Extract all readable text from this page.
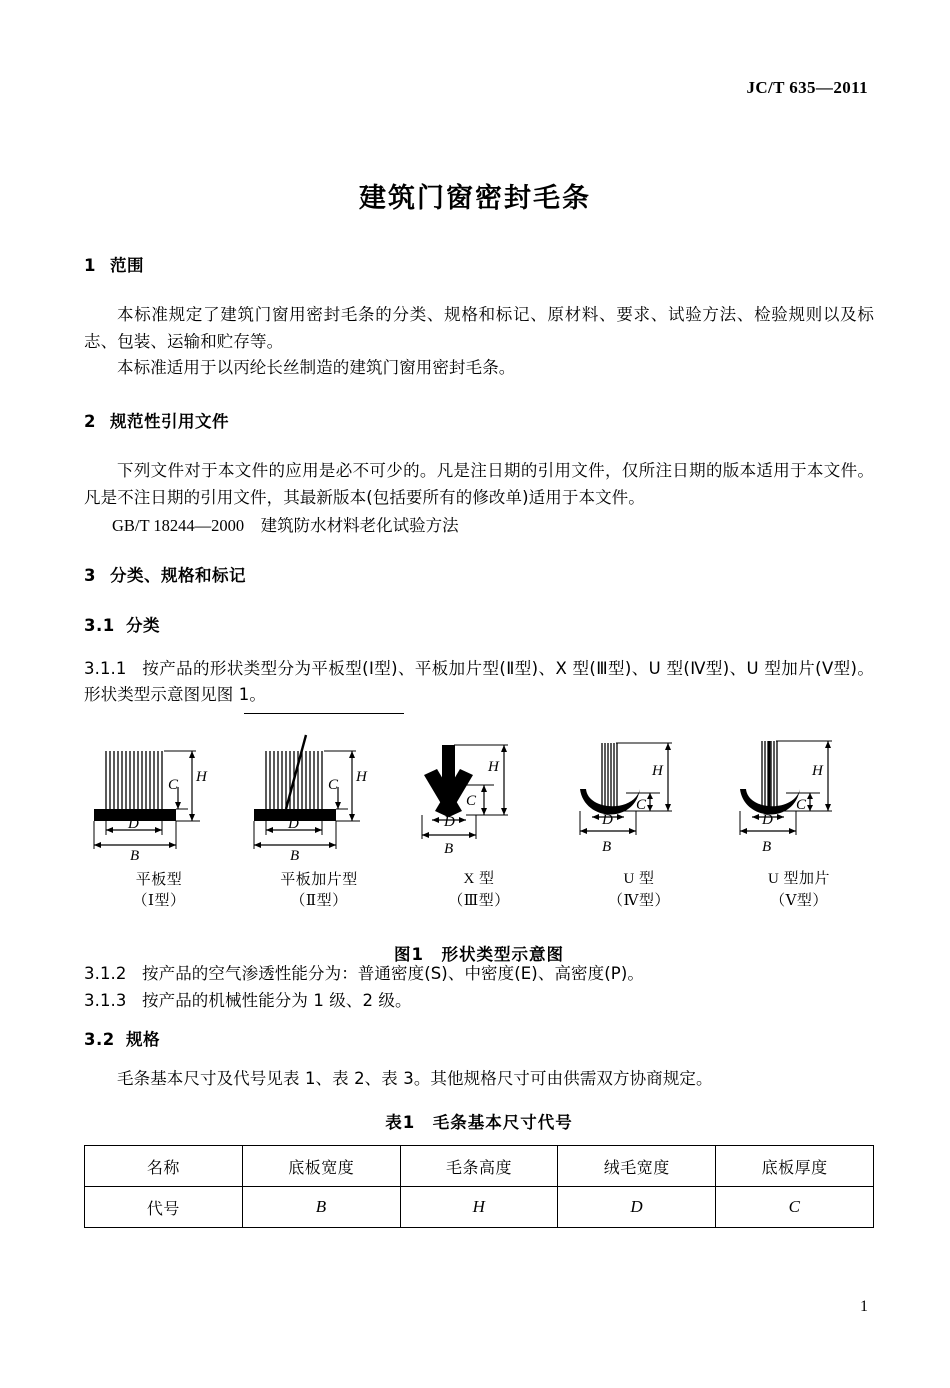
JC/T 635—2011
建筑门窗密封毛条
1 范围
本标准规定了建筑门窗用密封毛条的分类、规格和标记、原材料、要求、试验方法、检验规则以及标志、包装、运输和贮存等。
本标准适用于以丙纶长丝制造的建筑门窗用密封毛条。
2 规范性引用文件
下列文件对于本文件的应用是必不可少的。凡是注日期的引用文件，仅所注日期的版本适用于本文件。凡是不注日期的引用文件，其最新版本(包括要所有的修改单)适用于本文件。
GB/T 18244—2000 建筑防水材料老化试验方法
3 分类、规格和标记
3.1 分类
3.1.1 按产品的形状类型分为平板型(Ⅰ型)、平板加片型(Ⅱ型)、X 型(Ⅲ型)、U 型(Ⅳ型)、U 型加片(Ⅴ型)。形状类型示意图见图 1。
C H
D
B
平板型
（Ⅰ型）
C H
D
B
平板加片型
（Ⅱ型）
H
C
D
B
X 型
（Ⅲ型）
H
C
D
B
U 型
（Ⅳ型）
H
C
D
B
U 型加片
（Ⅴ型）
图1　形状类型示意图
3.1.2 按产品的空气渗透性能分为：普通密度(S)、中密度(E)、高密度(P)。
3.1.3 按产品的机械性能分为 1 级、2 级。
3.2 规格
毛条基本尺寸及代号见表 1、表 2、表 3。其他规格尺寸可由供需双方协商规定。
表1　毛条基本尺寸代号
名称	底板宽度	毛条高度	绒毛宽度	底板厚度
代号	B	H	D	C
1
